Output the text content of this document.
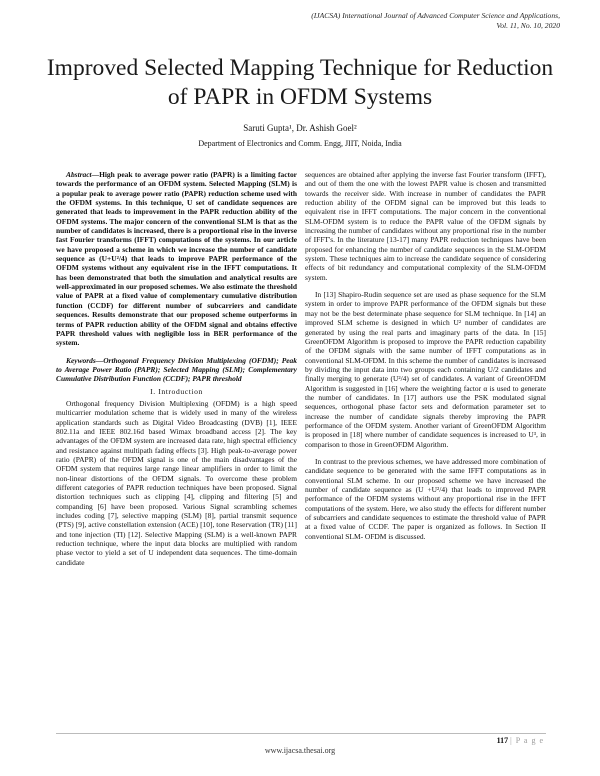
(IJACSA) International Journal of Advanced Computer Science and Applications,
Vol. 11, No. 10, 2020
Improved Selected Mapping Technique for Reduction
of PAPR in OFDM Systems
Saruti Gupta¹, Dr. Ashish Goel²
Department of Electronics and Comm. Engg, JIIT, Noida, India

Abstract—High peak to average power ratio (PAPR) is a limiting factor towards the performance of an OFDM system. Selected Mapping (SLM) is a popular peak to average power ratio (PAPR) reduction scheme used with the OFDM systems. In this technique, U set of candidate sequences are generated that leads to improvement in the PAPR reduction ability of the OFDM systems. The major concern of the conventional SLM is that as the number of candidates is increased, there is a proportional rise in the inverse fast Fourier transforms (IFFT) computations of the systems. In our article we have proposed a scheme in which we increase the number of candidate sequence as (U+U²/4) that leads to improve PAPR performance of the OFDM systems without any equivalent rise in the IFFT computations. It has been demonstrated that both the simulation and analytical results are well-approximated in our proposed schemes. We also estimate the threshold value of PAPR at a fixed value of complementary cumulative distribution function (CCDF) for different number of subcarriers and candidate sequences. Results demonstrate that our proposed scheme outperforms in terms of PAPR reduction ability of the OFDM signal and obtains effective PAPR threshold values with negligible loss in BER performance of the system.

Keywords—Orthogonal Frequency Division Multiplexing (OFDM); Peak to Average Power Ratio (PAPR); Selected Mapping (SLM); Complementary Cumulative Distribution Function (CCDF); PAPR threshold

I. Introduction

Orthogonal frequency Division Multiplexing (OFDM) is a high speed multicarrier modulation scheme that is widely used in many of the wireless application standards such as Digital Video Broadcasting (DVB) [1], IEEE 802.11a and IEEE 802.16d based Wimax broadband access [2]. The key advantages of the OFDM system are increased data rate, high spectral efficiency and resistance against multipath fading effects [3]. High peak-to-average power ratio (PAPR) of the OFDM signal is one of the main disadvantages of the OFDM system that requires large range linear amplifiers in order to limit the non-linear distortions of the OFDM signals. To overcome these problem different categories of PAPR reduction techniques have been proposed. Signal distortion techniques such as clipping [4], clipping and filtering [5] and companding [6] have been proposed. Various Signal scrambling schemes includes coding [7], selective mapping (SLM) [8], partial transmit sequence (PTS) [9], active constellation extension (ACE) [10], tone Reservation (TR) [11] and tone injection (TI) [12]. Selective Mapping (SLM) is a well-known PAPR reduction technique, where the input data blocks are multiplied with random phase vector to yield a set of U independent data sequences. The time-domain candidate

sequences are obtained after applying the inverse fast Fourier transform (IFFT), and out of them the one with the lowest PAPR value is chosen and transmitted towards the receiver side. With increase in number of candidates the PAPR reduction ability of the OFDM signal can be improved but this leads to equivalent rise in IFFT computations. The major concern in the conventional SLM-OFDM system is to reduce the PAPR value of the OFDM signals by increasing the number of candidates without any proportional rise in the number of IFFT's. In the literature [13-17] many PAPR reduction techniques have been proposed for enhancing the number of candidate sequences in the SLM-OFDM system. These techniques aim to increase the candidate sequence of considering effects of bit redundancy and computational complexity of the SLM-OFDM system.

In [13] Shapiro-Rudin sequence set are used as phase sequence for the SLM system in order to improve PAPR performance of the OFDM signals but these may not be the best determinate phase sequence for SLM technique. In [14] an improved SLM scheme is designed in which U² number of candidates are generated by using the real parts and imaginary parts of the data. In [15] GreenOFDM Algorithm is proposed to improve the PAPR reduction capability of the OFDM signals with the same number of IFFT computations as in conventional SLM-OFDM. In this scheme the number of candidates is increased by dividing the input data into two groups each containing U/2 candidates and finally merging to generate (U²/4) set of candidates. A variant of GreenOFDM Algorithm is suggested in [16] where the weighting factor α is used to generate the number of candidates. In [17] authors use the PSK modulated signal sequences, orthogonal phase factor sets and deformation parameter set to increase the number of candidate signals thereby improving the PAPR performance of the OFDM system. Another variant of GreenOFDM Algorithm is proposed in [18] where number of candidate sequences is increased to U³, in comparison to those in GreenOFDM Algorithm.

In contrast to the previous schemes, we have addressed more combination of candidate sequence to be generated with the same IFFT computations as in conventional SLM scheme. In our proposed scheme we have increased the number of candidate sequence as (U +U²/4) that leads to improved PAPR performance of the OFDM systems without any proportional rise in the IFFT computations of the system. Here, we also study the effects for different number of subcarriers and candidate sequences to estimate the threshold value of PAPR at a fixed value of CCDF. The paper is organized as follows. In Section II conventional SLM- OFDM is discussed.

117 | P a g e
www.ijacsa.thesai.org
